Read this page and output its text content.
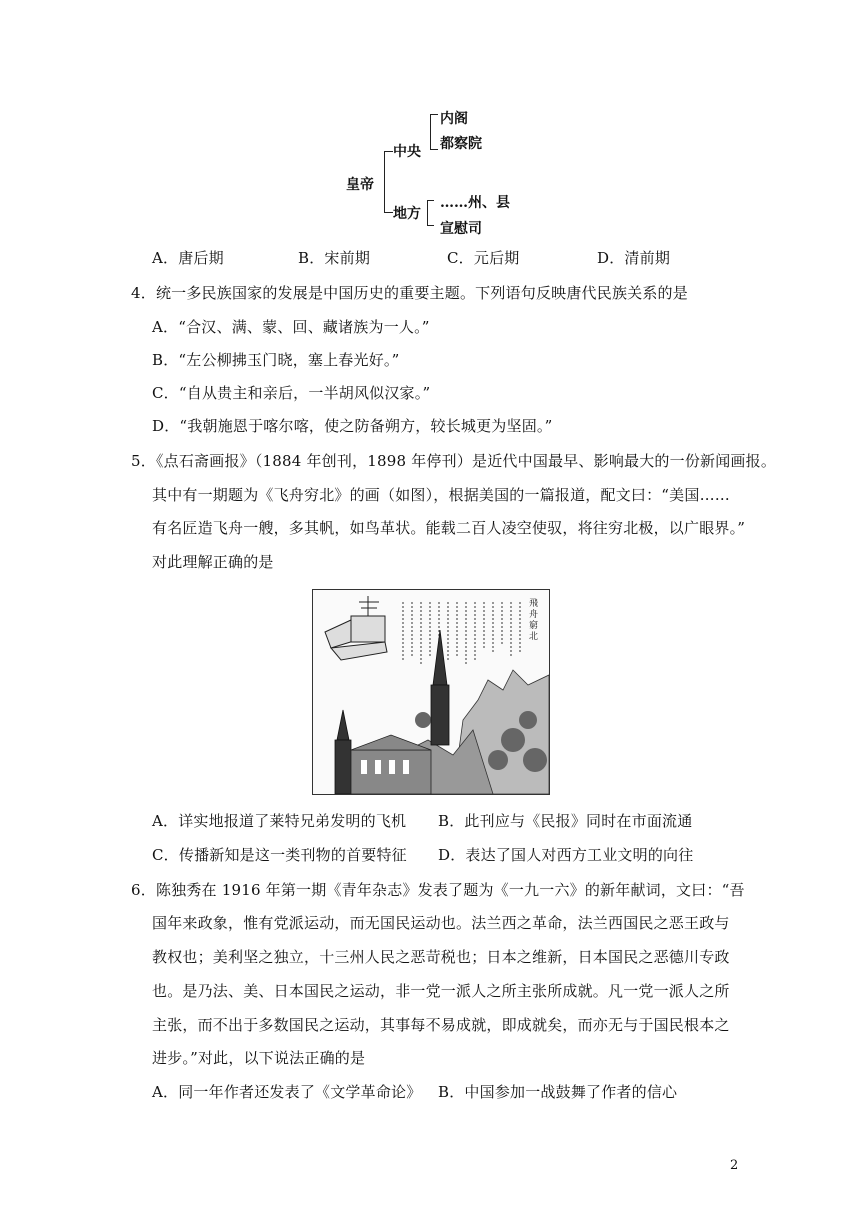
皇帝
中央
内阁
都察院
地方
……州、县
宣慰司
A．唐后期	B．宋前期	C．元后期	D．清前期
4．统一多民族国家的发展是中国历史的重要主题。下列语句反映唐代民族关系的是
A．“合汉、满、蒙、回、藏诸族为一人。”
B．“左公柳拂玉门晓，塞上春光好。”
C．“自从贵主和亲后，一半胡风似汉家。”
D．“我朝施恩于喀尔喀，使之防备朔方，较长城更为坚固。”
5．《点石斋画报》（1884 年创刊，1898 年停刊）是近代中国最早、影响最大的一份新闻画报。
其中有一期题为《飞舟穷北》的画（如图），根据美国的一篇报道，配文曰：“美国……
有名匠造飞舟一艘，多其帆，如鸟革状。能载二百人凌空使驭，将往穷北极，以广眼界。”
对此理解正确的是
飛舟窮北
A．详实地报道了莱特兄弟发明的飞机 B．此刊应与《民报》同时在市面流通
C．传播新知是这一类刊物的首要特征 D．表达了国人对西方工业文明的向往
6．陈独秀在 1916 年第一期《青年杂志》发表了题为《一九一六》的新年献词，文曰：“吾
国年来政象，惟有党派运动，而无国民运动也。法兰西之革命，法兰西国民之恶王政与
教权也；美利坚之独立，十三州人民之恶苛税也；日本之维新，日本国民之恶德川专政
也。是乃法、美、日本国民之运动，非一党一派人之所主张所成就。凡一党一派人之所
主张，而不出于多数国民之运动，其事每不易成就，即成就矣，而亦无与于国民根本之
进步。”对此，以下说法正确的是
A．同一年作者还发表了《文学革命论》 B．中国参加一战鼓舞了作者的信心
2
